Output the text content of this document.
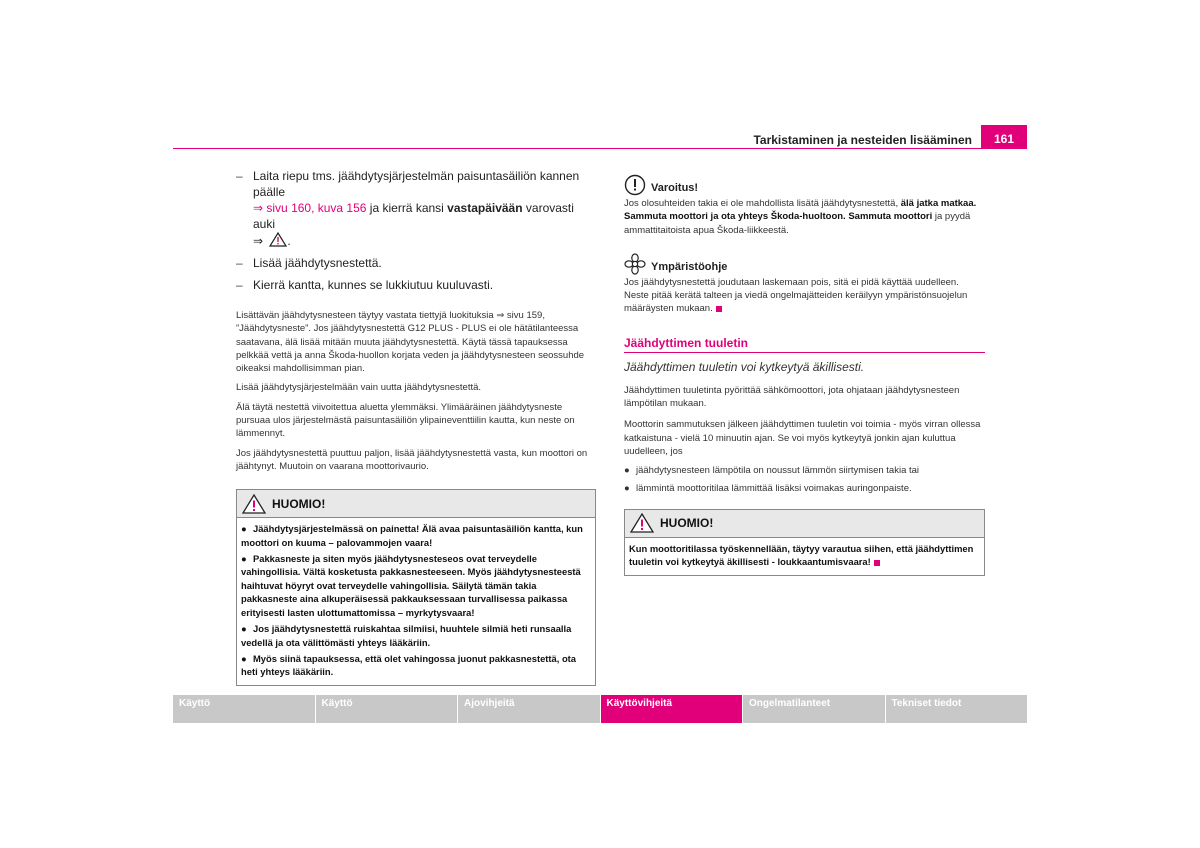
Tarkistaminen ja nesteiden lisääminen	161
– Laita riepu tms. jäähdytysjärjestelmän paisuntasäiliön kannen päälle
⇒ sivu 160, kuva 156 ja kierrä kansi vastapäivään varovasti auki
⇒ .
– Lisää jäähdytysnestettä.
– Kierrä kanttа, kunnes se lukkiutuu kuuluvasti.

Lisättävän jäähdytysnesteen täytyy vastata tiettyjä luokituksia ⇒ sivu 159, ”Jäähdytysneste”. Jos jäähdytysnestettä G12 PLUS - PLUS ei ole hätätilanteessa saatavana, älä lisää mitään muuta jäähdytysnestettä. Käytä tässä tapauksessa pelkkää vettä ja anna Škoda-huollon korjata veden ja jäähdytysnesteen seossuhde oikeaksi mahdollisimman pian.

Lisää jäähdytysjärjestelmään vain uutta jäähdytysnestettä.

Älä täytä nestettä viivoitettua aluetta ylemmäksi. Ylimääräinen jäähdytysneste pursuaa ulos järjestelmästä paisuntasäiliön ylipaineventtiilin kautta, kun neste on lämmennyt.

Jos jäähdytysnestettä puuttuu paljon, lisää jäähdytysnestettä vasta, kun moottori on jäähtynyt. Muutoin on vaarana moottorivaurio.

HUOMIO!
● Jäähdytysjärjestelmässä on painetta! Älä avaa paisuntasäiliön kantta, kun moottori on kuuma – palovammojen vaara!
● Pakkasneste ja siten myös jäähdytysnesteseos ovat terveydelle vahingollisia. Vältä kosketusta pakkasnesteeseen. Myös jäähdytysnesteestä haihtuvat höyryt ovat terveydelle vahingollisia. Säilytä tämän takia pakkasneste aina alkuperäisessä pakkauksessaan turvallisessa paikassa erityisesti lasten ulottumattomissa – myrkytysvaara!
● Jos jäähdytysnestettä ruiskahtaa silmiisi, huuhtele silmiä heti runsaalla vedellä ja ota välittömästi yhteys lääkäriin.
● Myös siinä tapauksessa, että olet vahingossa juonut pakkasnestettä, ota heti yhteys lääkäriin.
Varoitus!

Jos olosuhteiden takia ei ole mahdollista lisätä jäähdytysnestettä, älä jatka matkaa. Sammuta moottori ja ota yhteys Škoda-huoltoon. Sammuta moottori ja pyydä ammattitaitoista apua Škoda-liikkeestä.

Ympäristöohje

Jos jäähdytysnestettä joudutaan laskemaan pois, sitä ei pidä käyttää uudelleen. Neste pitää kerätä talteen ja viedä ongelmajätteiden keräilyyn ympäristönsuojelun määräysten mukaan.

Jäähdyttimen tuuletin
Jäähdyttimen tuuletin voi kytkeytyä äkillisesti.

Jäähdyttimen tuuletinta pyörittää sähkömoottori, jota ohjataan jäähdytysnesteen lämpötilan mukaan.

Moottorin sammutuksen jälkeen jäähdyttimen tuuletin voi toimia - myös virran ollessa katkaistuna - vielä 10 minuutin ajan. Se voi myös kytkeytyä jonkin ajan kuluttua uudelleen, jos

● jäähdytysnesteen lämpötila on noussut lämmön siirtymisen takia tai
● lämmintä moottoritilaa lämmittää lisäksi voimakas auringonpaiste.
HUOMIO!
Kun moottoritilassa työskennellään, täytyy varautua siihen, että jäähdyttimen tuuletin voi kytkeytyä äkillisesti - loukkaantumisvaara!
Käyttö	Käyttö	Ajovihjeitä	Käyttövihjeitä	Ongelmatilanteet	Tekniset tiedot
